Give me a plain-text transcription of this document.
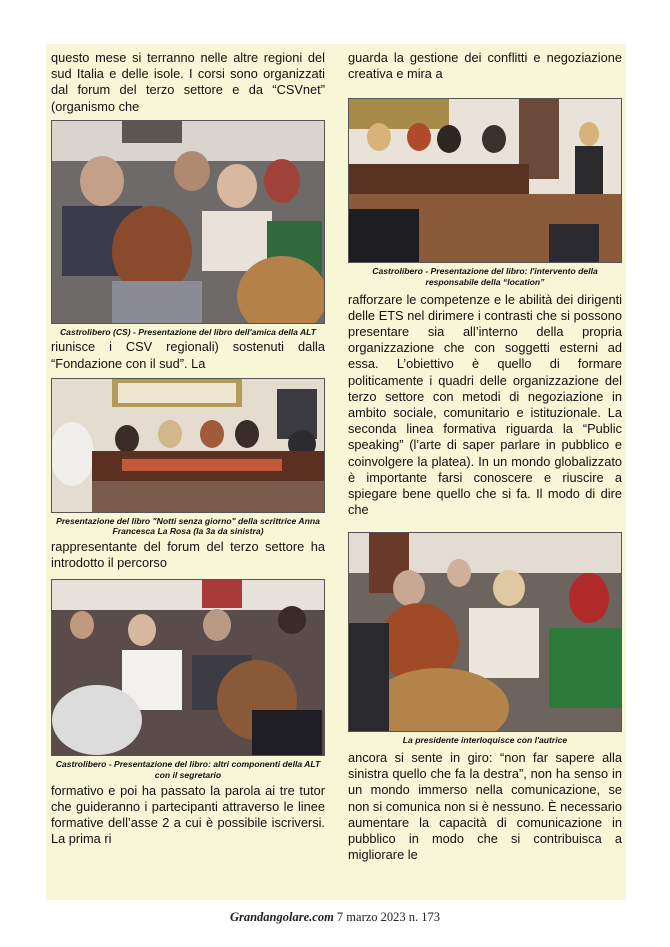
questo mese si terranno nelle altre regioni del sud Italia e delle isole. I corsi sono organizzati dal forum del terzo settore e da “CSVnet” (organismo che

Castrolibero (CS) - Presentazione del libro dell'amica della ALT

riunisce i CSV regionali) sostenuti dalla “Fondazione con il sud”. La

Presentazione del libro "Notti senza giorno" della scrittrice Anna Francesca La Rosa (la 3a da sinistra)

rappresentante del forum del terzo settore ha introdotto il percorso

Castrolibero - Presentazione del libro: altri componenti della ALT con il segretario

formativo e poi ha passato la parola ai tre tutor che guideranno i partecipanti attraverso le linee formative dell’asse 2 a cui è possibile iscriversi. La prima ri

guarda la gestione dei conflitti e negoziazione creativa e mira a

Castrolibero - Presentazione del libro: l'intervento della responsabile della “location”

rafforzare le competenze e le abilità dei dirigenti delle ETS nel dirimere i contrasti che si possono presentare sia all’interno della propria organizzazione che con soggetti esterni ad essa. L’obiettivo è quello di formare politicamente i quadri delle organizzazione del terzo settore con metodi di negoziazione in ambito sociale, comunitario e istituzionale. La seconda linea formativa riguarda la “Public speaking” (l’arte di saper parlare in pubblico e coinvolgere la platea). In un mondo globalizzato è importante farsi conoscere e riuscire a spiegare bene quello che si fa. Il modo di dire che

La presidente interloquisce con l'autrice

ancora si sente in giro: “non far sapere alla sinistra quello che fa la destra”, non ha senso in un mondo immerso nella comunicazione, se non si comunica non si è nessuno. È necessario aumentare la capacità di comunicazione in pubblico in modo che si contribuisca a migliorare le

Grandangolare.com 7 marzo 2023 n. 173
